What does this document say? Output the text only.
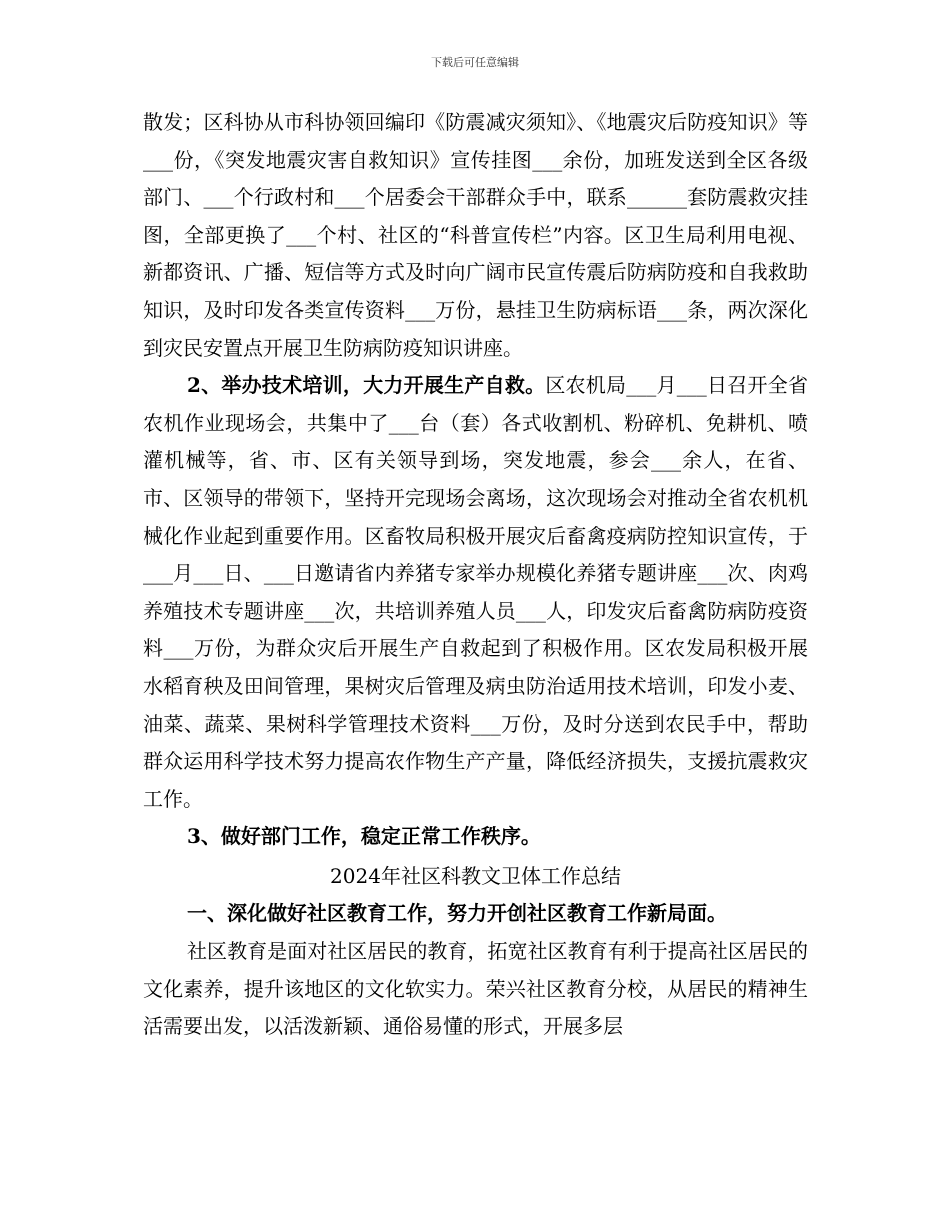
下载后可任意编辑

散发；区科协从市科协领回编印《防震减灾须知》、《地震灾后防疫知识》等___份，《突发地震灾害自救知识》宣传挂图___余份，加班发送到全区各级部门、___个行政村和___个居委会干部群众手中，联系______套防震救灾挂图，全部更换了___个村、社区的“科普宣传栏”内容。区卫生局利用电视、新都资讯、广播、短信等方式及时向广阔市民宣传震后防病防疫和自我救助知识，及时印发各类宣传资料___万份，悬挂卫生防病标语___条，两次深化到灾民安置点开展卫生防病防疫知识讲座。

2、举办技术培训，大力开展生产自救。区农机局___月___日召开全省农机作业现场会，共集中了___台（套）各式收割机、粉碎机、免耕机、喷灌机械等，省、市、区有关领导到场，突发地震，参会___余人，在省、市、区领导的带领下，坚持开完现场会离场，这次现场会对推动全省农机机械化作业起到重要作用。区畜牧局积极开展灾后畜禽疫病防控知识宣传，于___月___日、___日邀请省内养猪专家举办规模化养猪专题讲座___次、肉鸡养殖技术专题讲座___次，共培训养殖人员___人，印发灾后畜禽防病防疫资料___万份，为群众灾后开展生产自救起到了积极作用。区农发局积极开展水稻育秧及田间管理，果树灾后管理及病虫防治适用技术培训，印发小麦、油菜、蔬菜、果树科学管理技术资料___万份，及时分送到农民手中，帮助群众运用科学技术努力提高农作物生产产量，降低经济损失，支援抗震救灾工作。

3、做好部门工作，稳定正常工作秩序。

2024年社区科教文卫体工作总结

一、深化做好社区教育工作，努力开创社区教育工作新局面。

社区教育是面对社区居民的教育，拓宽社区教育有利于提高社区居民的文化素养，提升该地区的文化软实力。荣兴社区教育分校，从居民的精神生活需要出发，以活泼新颖、通俗易懂的形式，开展多层
